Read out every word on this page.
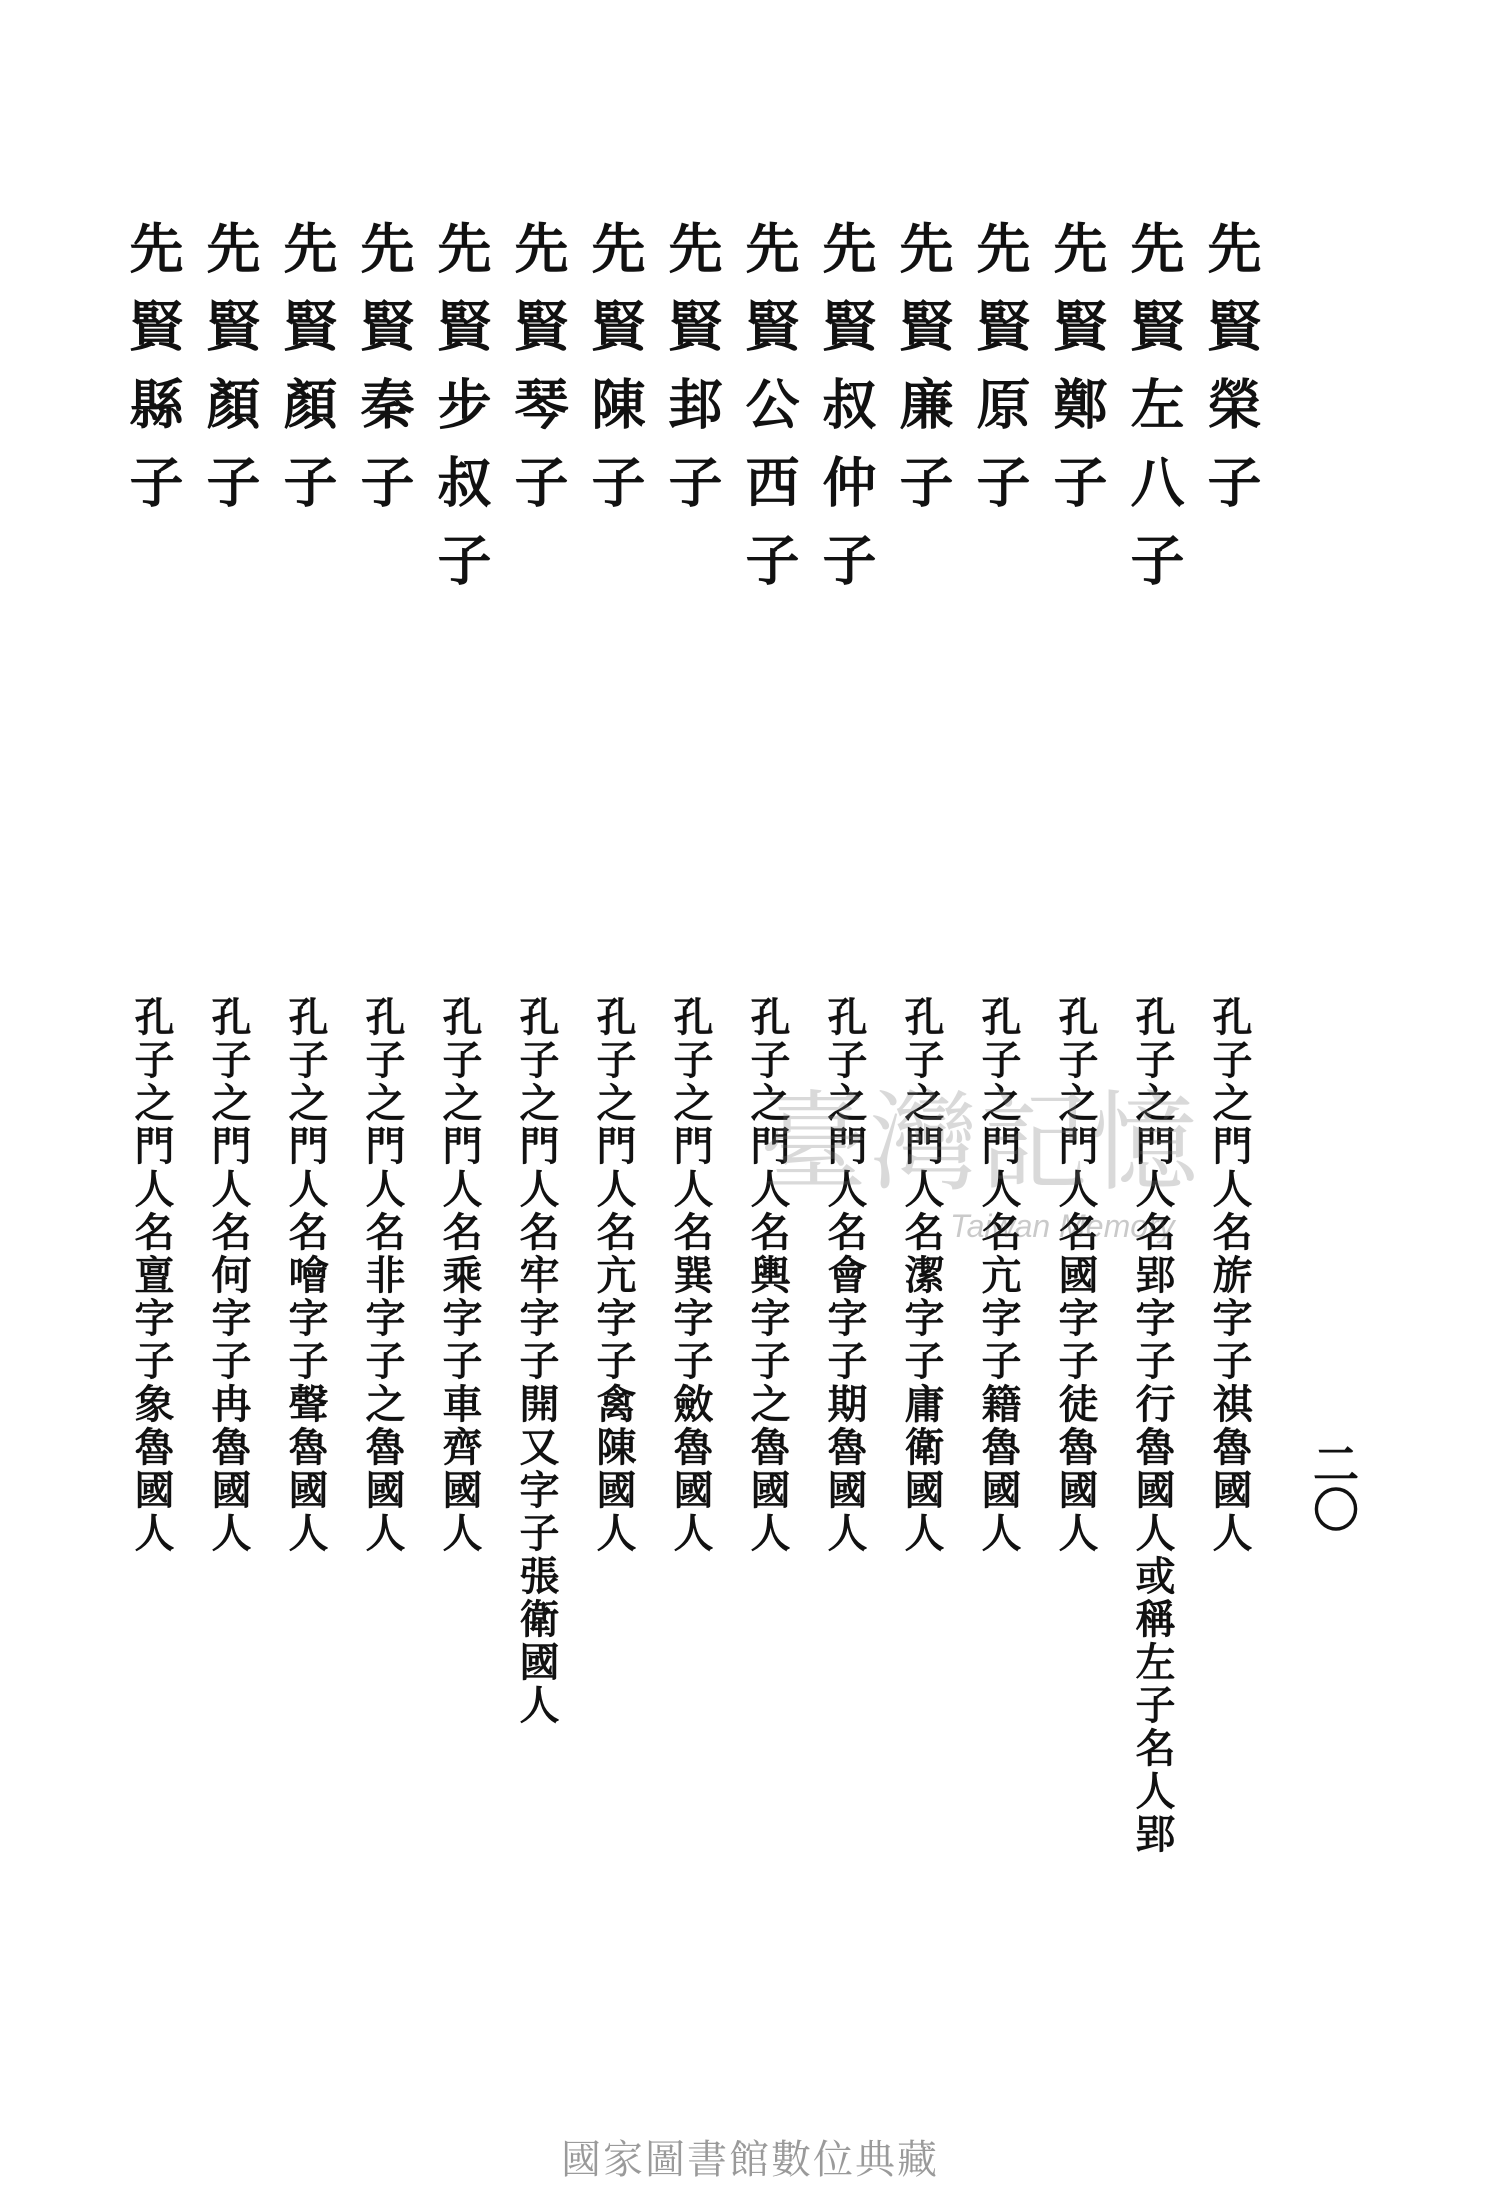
二〇
先賢榮子
先賢左八子
先賢鄭子
先賢原子
先賢廉子
先賢叔仲子
先賢公西子
先賢邽子
先賢陳子
先賢琴子
先賢步叔子
先賢秦子
先賢顏子
先賢顏子
先賢縣子
孔子之門人名旂字子祺魯國人
孔子之門人名郢字子行魯國人或稱左子名人郢
孔子之門人名國字子徒魯國人
孔子之門人名亢字子籍魯國人
孔子之門人名潔字子庸衛國人
孔子之門人名會字子期魯國人
孔子之門人名輿字子之魯國人
孔子之門人名巽字子斂魯國人
孔子之門人名亢字子禽陳國人
孔子之門人名牢字子開又字子張衛國人
孔子之門人名乘字子車齊國人
孔子之門人名非字子之魯國人
孔子之門人名噲字子聲魯國人
孔子之門人名何字子冉魯國人
孔子之門人名亶字子象魯國人	臺灣記憶
Taiwan Memory
國家圖書館數位典藏
